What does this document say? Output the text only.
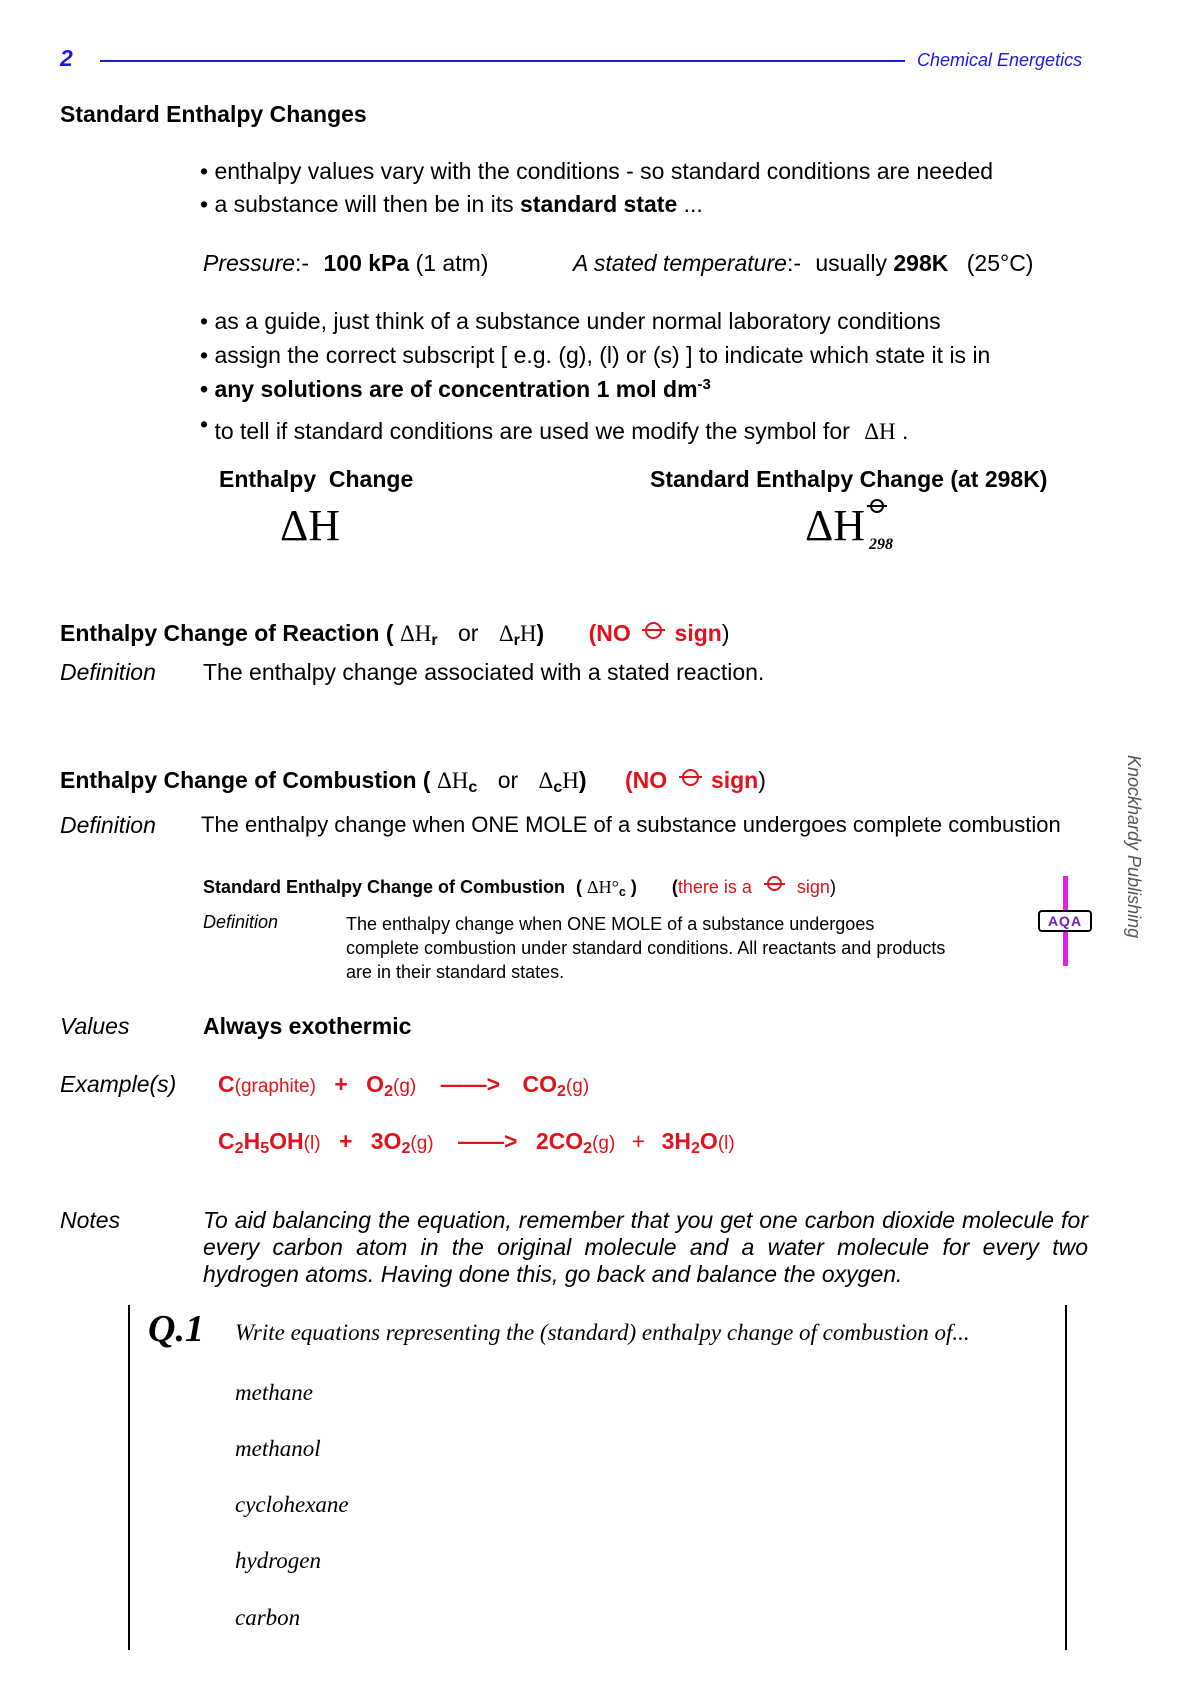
2	Chemical Energetics
Standard Enthalpy Changes
• enthalpy values vary with the conditions - so standard conditions are needed
• a substance will then be in its standard state ...
Pressure:- 100 kPa (1 atm)	A stated temperature:- usually 298K (25°C)
• as a guide, just think of a substance under normal laboratory conditions
• assign the correct subscript [ e.g. (g), (l) or (s) ] to indicate which state it is in
• any solutions are of concentration 1 mol $dm^{-3}$
• to tell if standard conditions are used we modify the symbol for ΔH .
Enthalpy  Change
ΔH
Standard Enthalpy Change (at 298K)
ΔH 298
Enthalpy Change of Reaction ( $\Delta H_r$ or $\Delta_rH$) (NO sign)
Definition The enthalpy change associated with a stated reaction.
Enthalpy Change of Combustion ( $\Delta H_c$ or $\Delta_cH$) (NO sign)
Definition The enthalpy change when ONE MOLE of a substance undergoes complete combustion
Standard Enthalpy Change of Combustion ( $\Delta H^\circ_c$ ) (there is a	sign)
Definition	The enthalpy change when ONE MOLE of a substance undergoes complete combustion under standard conditions. All reactants and products are in their standard states.
AQA
Values	Always exothermic
Example(s) C(graphite) + $O_2(g)$ ——> $CO_2(g)$
$C_2H_5OH(l) + 3O_2(g)$ ——> $2CO_2(g) + 3H_2O(l)$
Notes	To aid balancing the equation, remember that you get one carbon dioxide molecule for every carbon atom in the original molecule and a water molecule for every two hydrogen atoms. Having done this, go back and balance the oxygen.
Q.1 Write equations representing the (standard) enthalpy change of combustion of...
methane
methanol
cyclohexane
hydrogen
carbon
Knockhardy Publishing
